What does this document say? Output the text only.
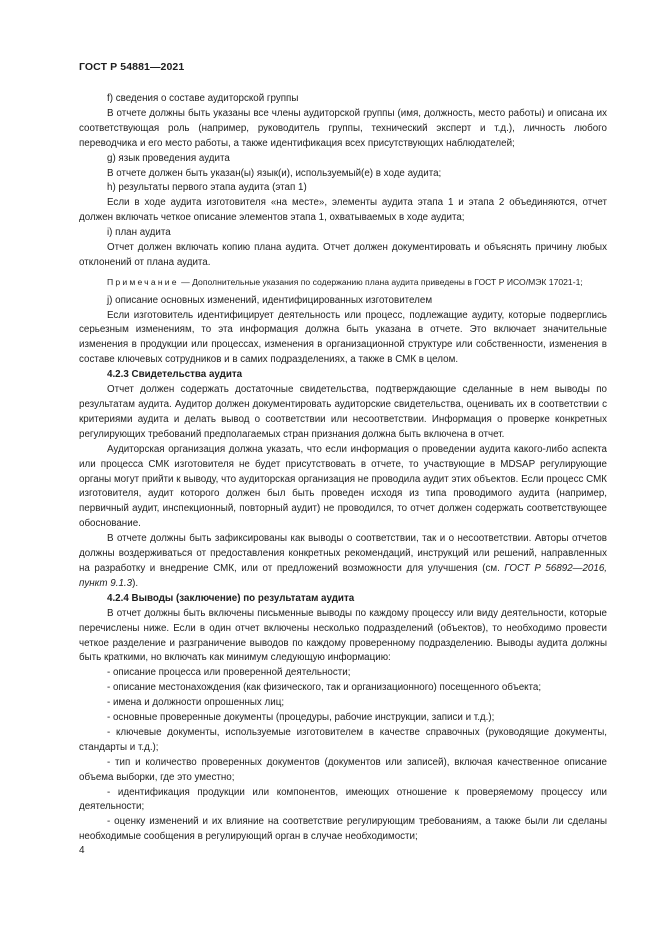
ГОСТ Р 54881—2021

f) сведения о составе аудиторской группы

В отчете должны быть указаны все члены аудиторской группы (имя, должность, место работы) и описана их соответствующая роль (например, руководитель группы, технический эксперт и т.д.), личность любого переводчика и его место работы, а также идентификация всех присутствующих наблюдателей;

g) язык проведения аудита

В отчете должен быть указан(ы) язык(и), используемый(е) в ходе аудита;

h) результаты первого этапа аудита (этап 1)

Если в ходе аудита изготовителя «на месте», элементы аудита этапа 1 и этапа 2 объединяются, отчет должен включать четкое описание элементов этапа 1, охватываемых в ходе аудита;

i) план аудита

Отчет должен включать копию плана аудита. Отчет должен документировать и объяснять причину любых отклонений от плана аудита.

Примечание — Дополнительные указания по содержанию плана аудита приведены в ГОСТ Р ИСО/МЭК 17021-1;

j) описание основных изменений, идентифицированных изготовителем

Если изготовитель идентифицирует деятельность или процесс, подлежащие аудиту, которые подверглись серьезным изменениям, то эта информация должна быть указана в отчете. Это включает значительные изменения в продукции или процессах, изменения в организационной структуре или собственности, изменения в составе ключевых сотрудников и в самих подразделениях, а также в СМК в целом.

4.2.3 Свидетельства аудита

Отчет должен содержать достаточные свидетельства, подтверждающие сделанные в нем выводы по результатам аудита. Аудитор должен документировать аудиторские свидетельства, оценивать их в соответствии с критериями аудита и делать вывод о соответствии или несоответствии. Информация о проверке конкретных регулирующих требований предполагаемых стран признания должна быть включена в отчет.

Аудиторская организация должна указать, что если информация о проведении аудита какого-либо аспекта или процесса СМК изготовителя не будет присутствовать в отчете, то участвующие в MDSAP регулирующие органы могут прийти к выводу, что аудиторская организация не проводила аудит этих объектов. Если процесс СМК изготовителя, аудит которого должен был быть проведен исходя из типа проводимого аудита (например, первичный аудит, инспекционный, повторный аудит) не проводился, то отчет должен содержать соответствующее обоснование.

В отчете должны быть зафиксированы как выводы о соответствии, так и о несоответствии. Авторы отчетов должны воздерживаться от предоставления конкретных рекомендаций, инструкций или решений, направленных на разработку и внедрение СМК, или от предложений возможности для улучшения (см. ГОСТ Р 56892—2016, пункт 9.1.3).

4.2.4 Выводы (заключение) по результатам аудита

В отчет должны быть включены письменные выводы по каждому процессу или виду деятельности, которые перечислены ниже. Если в один отчет включены несколько подразделений (объектов), то необходимо провести четкое разделение и разграничение выводов по каждому проверенному подразделению. Выводы аудита должны быть краткими, но включать как минимум следующую информацию:

- описание процесса или проверенной деятельности;

- описание местонахождения (как физического, так и организационного) посещенного объекта;

- имена и должности опрошенных лиц;

- основные проверенные документы (процедуры, рабочие инструкции, записи и т.д.);

- ключевые документы, используемые изготовителем в качестве справочных (руководящие документы, стандарты и т.д.);

- тип и количество проверенных документов (документов или записей), включая качественное описание объема выборки, где это уместно;

- идентификация продукции или компонентов, имеющих отношение к проверяемому процессу или деятельности;

- оценку изменений и их влияние на соответствие регулирующим требованиям, а также были ли сделаны необходимые сообщения в регулирующий орган в случае необходимости;

4
